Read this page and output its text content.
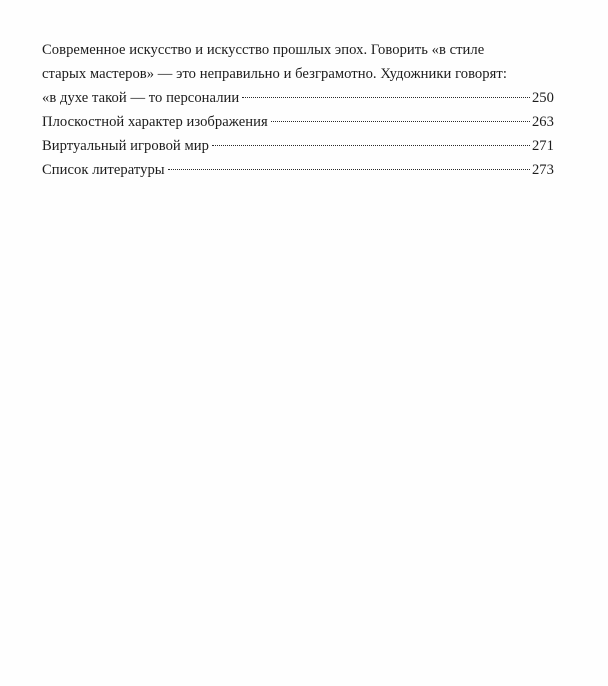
Современное искусство и искусство прошлых эпох. Говорить «в стиле
старых мастеров» — это неправильно и безграмотно. Художники говорят:
«в духе такой — то персоналии	250
Плоскостной характер изображения	263
Виртуальный игровой мир	271
Список литературы	273
